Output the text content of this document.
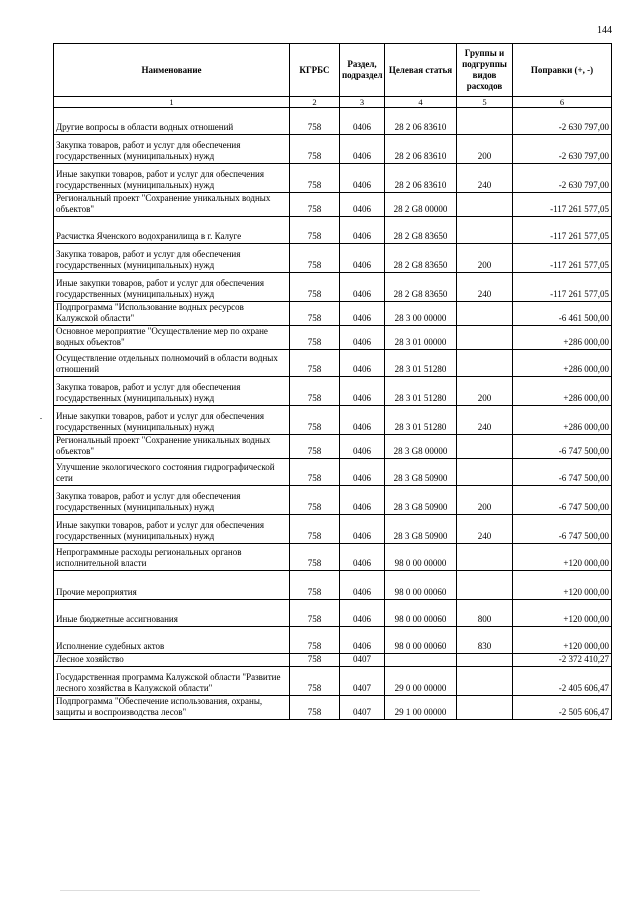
144
Наименование	КГРБС	Раздел, подраздел	Целевая статья	Группы и подгруппы видов расходов	Поправки (+, -)
1	2	3	4	5	6
Другие вопросы в области водных отношений	758	0406	28 2 06 83610		-2 630 797,00
Закупка товаров, работ и услуг для обеспечения государственных (муниципальных) нужд	758	0406	28 2 06 83610	200	-2 630 797,00
Иные закупки товаров, работ и услуг для обеспечения государственных (муниципальных) нужд	758	0406	28 2 06 83610	240	-2 630 797,00
Региональный проект "Сохранение уникальных водных объектов"	758	0406	28 2 G8 00000		-117 261 577,05
Расчистка Яченского водохранилища в г. Калуге	758	0406	28 2 G8 83650		-117 261 577,05
Закупка товаров, работ и услуг для обеспечения государственных (муниципальных) нужд	758	0406	28 2 G8 83650	200	-117 261 577,05
Иные закупки товаров, работ и услуг для обеспечения государственных (муниципальных) нужд	758	0406	28 2 G8 83650	240	-117 261 577,05
Подпрограмма "Использование водных ресурсов Калужской области"	758	0406	28 3 00 00000		-6 461 500,00
Основное мероприятие "Осуществление мер по охране водных объектов"	758	0406	28 3 01 00000		+286 000,00
Осуществление отдельных полномочий в области водных отношений	758	0406	28 3 01 51280		+286 000,00
Закупка товаров, работ и услуг для обеспечения государственных (муниципальных) нужд	758	0406	28 3 01 51280	200	+286 000,00
Иные закупки товаров, работ и услуг для обеспечения государственных (муниципальных) нужд	758	0406	28 3 01 51280	240	+286 000,00
Региональный проект "Сохранение уникальных водных объектов"	758	0406	28 3 G8 00000		-6 747 500,00
Улучшение экологического состояния гидрографической сети	758	0406	28 3 G8 50900		-6 747 500,00
Закупка товаров, работ и услуг для обеспечения государственных (муниципальных) нужд	758	0406	28 3 G8 50900	200	-6 747 500,00
Иные закупки товаров, работ и услуг для обеспечения государственных (муниципальных) нужд	758	0406	28 3 G8 50900	240	-6 747 500,00
Непрограммные расходы региональных органов исполнительной власти	758	0406	98 0 00 00000		+120 000,00
Прочие мероприятия	758	0406	98 0 00 00060		+120 000,00
Иные бюджетные ассигнования	758	0406	98 0 00 00060	800	+120 000,00
Исполнение судебных актов	758	0406	98 0 00 00060	830	+120 000,00
Лесное хозяйство	758	0407			-2 372 410,27
Государственная программа Калужской области "Развитие лесного хозяйства в Калужской области"	758	0407	29 0 00 00000		-2 405 606,47
Подпрограмма "Обеспечение использования, охраны, защиты и воспроизводства лесов"	758	0407	29 1 00 00000		-2 505 606,47
